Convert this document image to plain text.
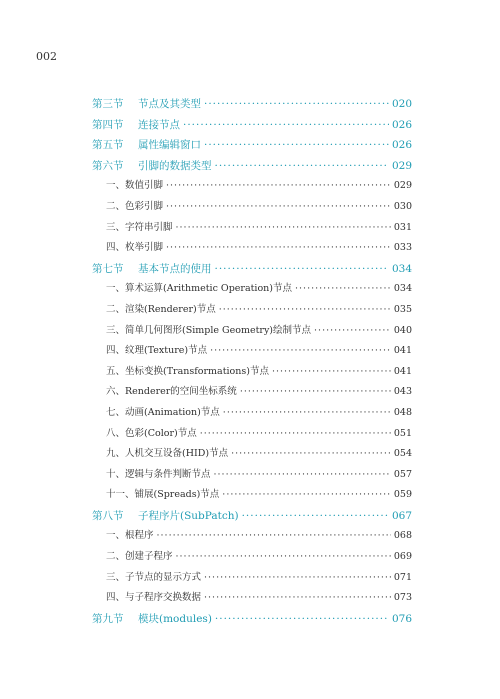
002
第三节	节点及其类型 ·····	020
第四节	连接节点 ·····	026
第五节	属性编辑窗口 ·····	026
第六节	引脚的数据类型 ·····	029
一、数值引脚 ·····	029
二、色彩引脚 ·····	030
三、字符串引脚 ·····	031
四、枚举引脚 ·····	033
第七节	基本节点的使用 ·····	034
一、算术运算(Arithmetic Operation)节点 ·····	034
二、渲染(Renderer)节点 ·····	035
三、简单几何图形(Simple Geometry)绘制节点 ·····	040
四、纹理(Texture)节点 ·····	041
五、坐标变换(Transformations)节点 ·····	041
六、Renderer的空间坐标系统 ·····	043
七、动画(Animation)节点 ·····	048
八、色彩(Color)节点 ·····	051
九、人机交互设备(HID)节点 ·····	054
十、逻辑与条件判断节点 ·····	057
十一、铺展(Spreads)节点 ·····	059
第八节	子程序片(SubPatch) ·····	067
一、根程序 ·····	068
二、创建子程序 ·····	069
三、子节点的显示方式 ·····	071
四、与子程序交换数据 ·····	073
第九节	模块(modules) ·····	076
